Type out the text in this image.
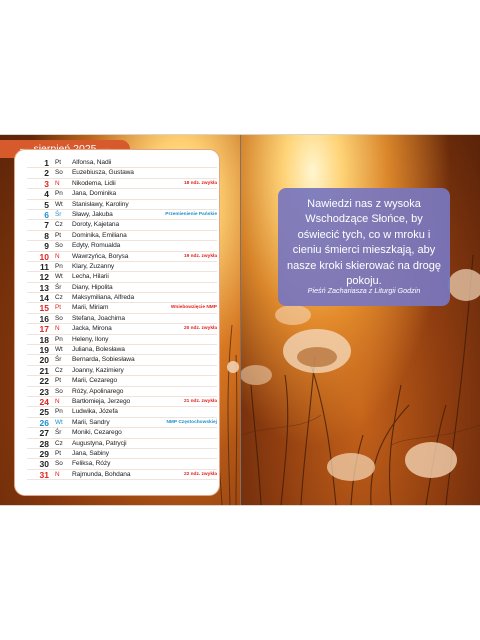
1 Pt	Alfonsa, Nadii
2 So	Euzebiusza, Gustawa
3 N	Nikodema, Lidii	18 ndz. zwykła
4 Pn	Jana, Dominika
5 Wt	Stanisławy, Karoliny
6 Śr	Sławy, Jakuba	Przemienienie Pańskie
7 Cz	Doroty, Kajetana
8 Pt	Dominika, Emiliana
9 So	Edyty, Romualda
10 N	Wawrzyńca, Borysa	19 ndz. zwykła
11 Pn	Klary, Zuzanny
12 Wt	Lecha, Hilarii
13 Śr	Diany, Hipolita
14 Cz	Maksymiliana, Alfreda
15 Pt	Marii, Miriam	Wniebowzięcie NMP
16 So	Stefana, Joachima
17 N	Jacka, Mirona	20 ndz. zwykła
18 Pn	Heleny, Ilony
19 Wt	Juliana, Bolesława
20 Śr	Bernarda, Sobiesława
21 Cz	Joanny, Kazimiery
22 Pt	Marii, Cezarego
23 So	Róży, Apolinarego
24 N	Bartłomieja, Jerzego	21 ndz. zwykła
25 Pn	Ludwika, Józefa
26 Wt	Marii, Sandry	NMP Częstochowskiej
27 Śr	Moniki, Cezarego
28 Cz	Augustyna, Patrycji
29 Pt	Jana, Sabiny
30 So	Feliksa, Róży
31 N	Rajmunda, Bohdana	22 ndz. zwykła
Nawiedzi nas z wysoka Wschodzące Słońce, by oświecić tych, co w mroku i cieniu śmierci mieszkają, aby nasze kroki skierować na drogę pokoju.
Pieśń Zachariasza z Liturgii Godzin
